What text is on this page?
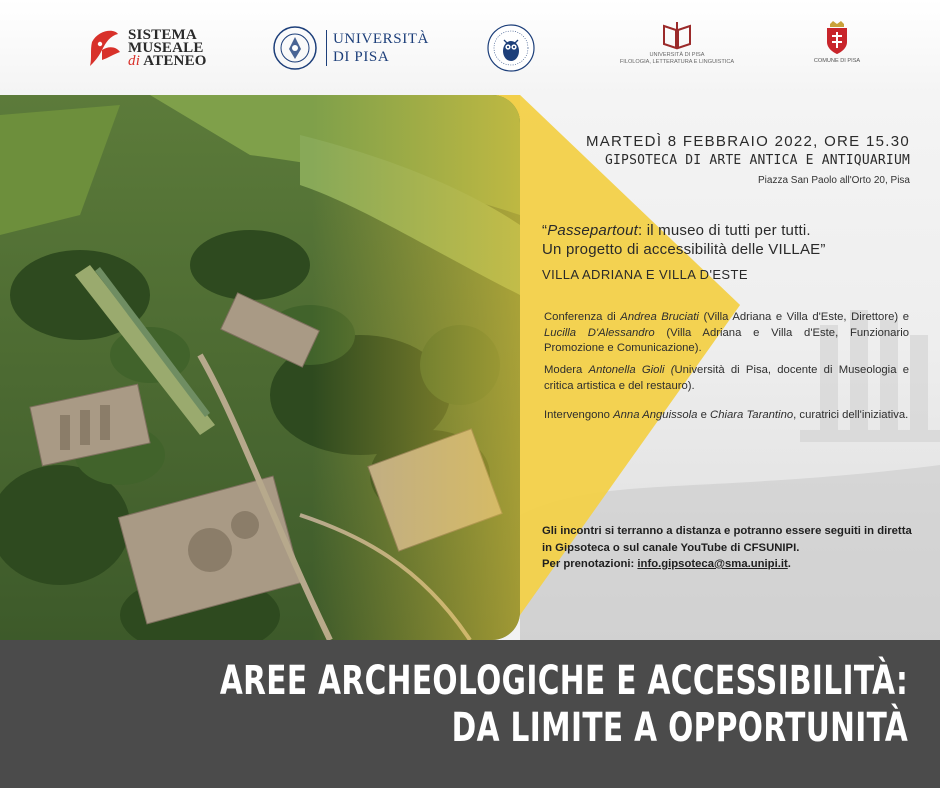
SISTEMA
MUSEALE
di ATENEO
UNIVERSITÀ
DI PISA	UNIVERSITÀ DI PISA
FILOLOGIA, LETTERATURA E LINGUISTICA	COMUNE DI PISA
MARTEDÌ 8 FEBBRAIO 2022, ORE 15.30
GIPSOTECA DI ARTE ANTICA E ANTIQUARIUM
Piazza San Paolo all'Orto 20, Pisa
“Passepartout: il museo di tutti per tutti.
Un progetto di accessibilità delle VILLAE”
VILLA ADRIANA E VILLA D'ESTE
Conferenza di Andrea Bruciati (Villa Adriana e Villa d'Este, Direttore) e Lucilla D'Alessandro (Villa Adriana e Villa d'Este, Funzionario Promozione e Comunicazione).
Modera Antonella Gioli (Università di Pisa, docente di Museologia e critica artistica e del restauro).
Intervengono Anna Anguissola e Chiara Tarantino, curatrici dell'iniziativa.
Gli incontri si terranno a distanza e potranno essere seguiti in diretta in Gipsoteca o sul canale YouTube di CFSUNIPI.
Per prenotazioni: info.gipsoteca@sma.unipi.it.
AREE ARCHEOLOGICHE E ACCESSIBILITÀ:
DA LIMITE A OPPORTUNITÀ
